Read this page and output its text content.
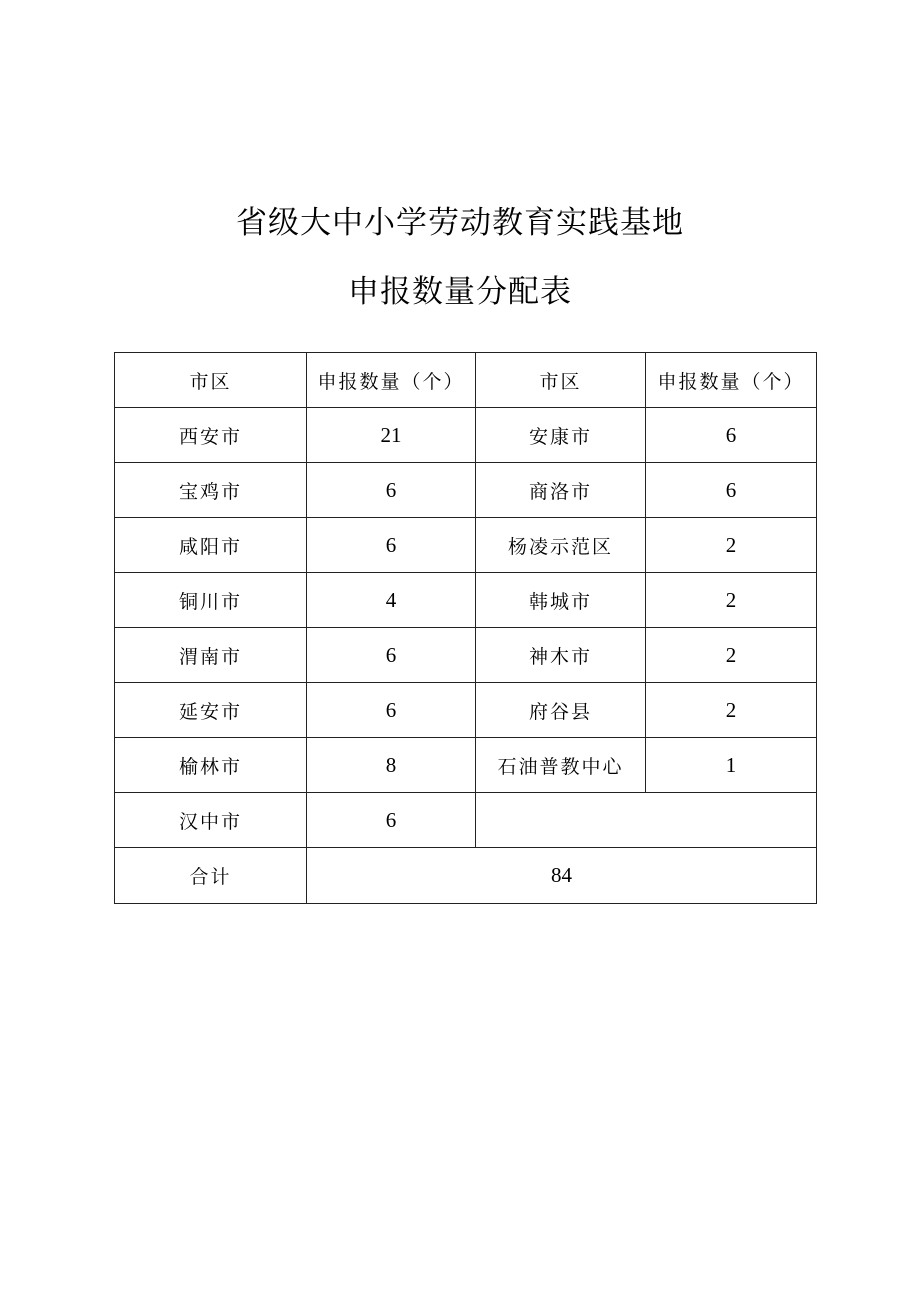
省级大中小学劳动教育实践基地
申报数量分配表
市区	申报数量（个）	市区	申报数量（个）
西安市	21	安康市	6
宝鸡市	6	商洛市	6
咸阳市	6	杨凌示范区	2
铜川市	4	韩城市	2
渭南市	6	神木市	2
延安市	6	府谷县	2
榆林市	8	石油普教中心	1
汉中市	6		
合计	84		
